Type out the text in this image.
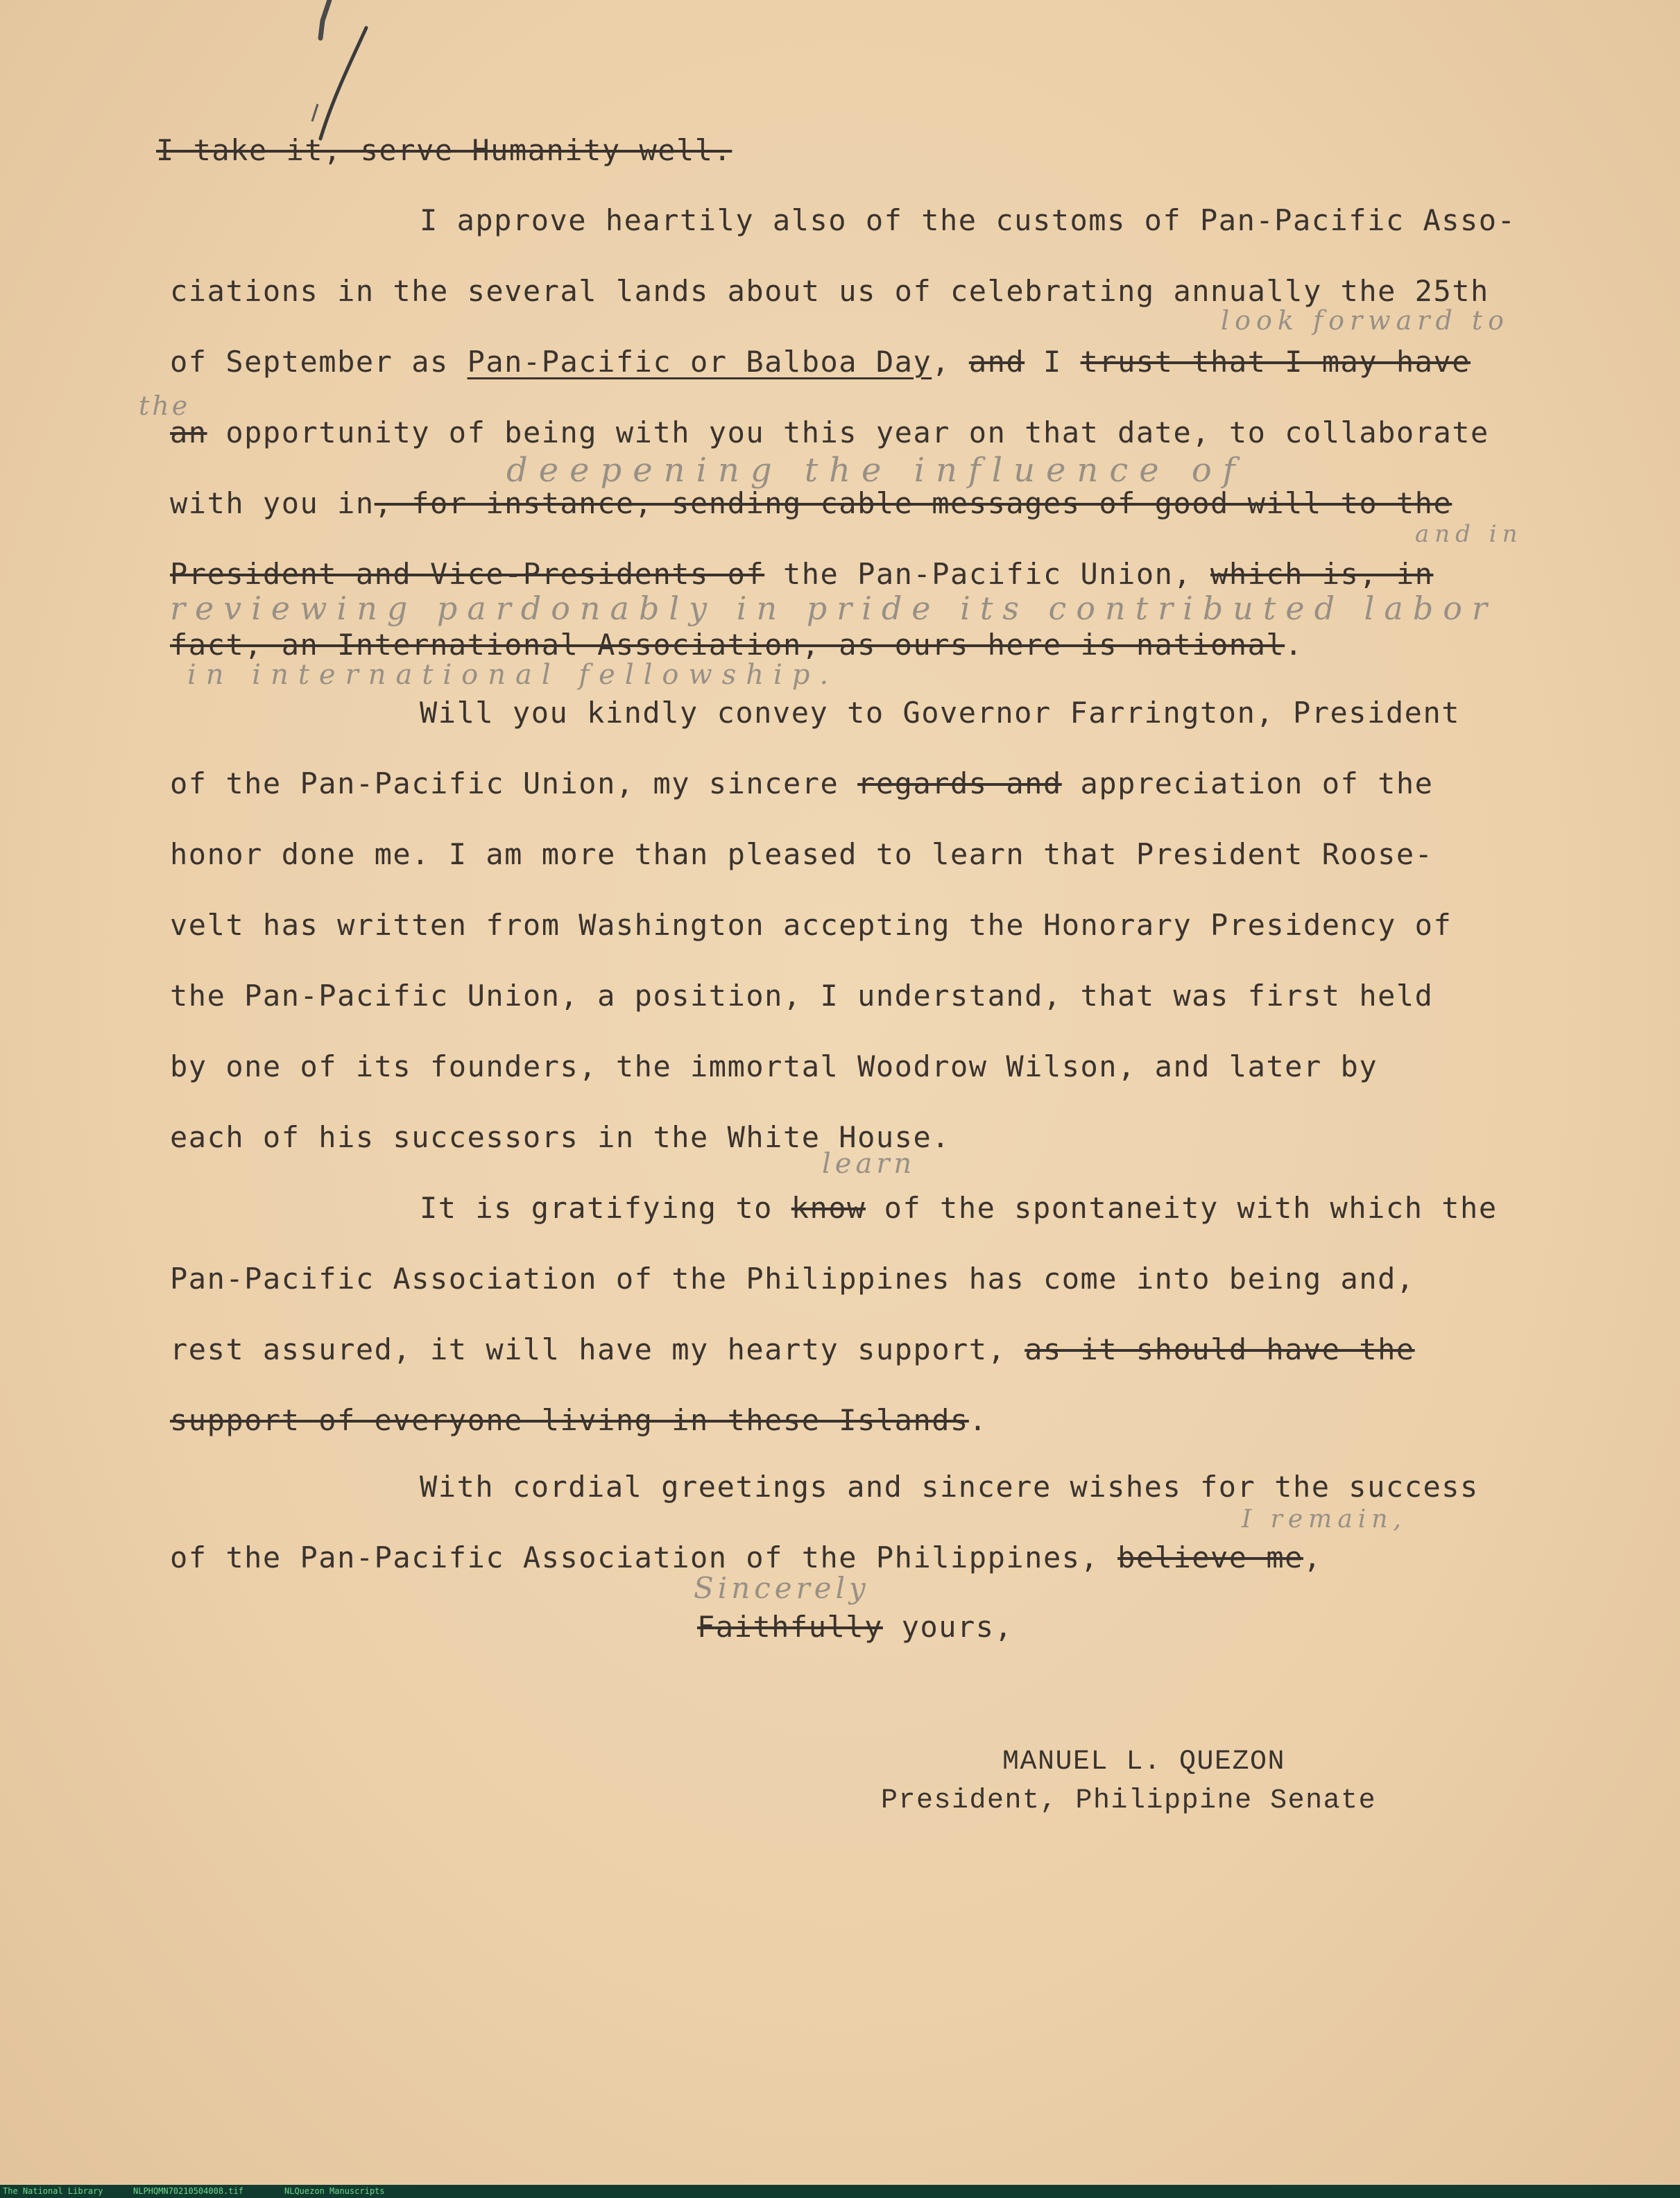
I take it, serve Humanity well.
I approve heartily also of the customs of Pan-Pacific Asso-
ciations in the several lands about us of celebrating annually the 25th
of September as Pan-Pacific or Balboa Day, and I trust that I may have
an opportunity of being with you this year on that date, to collaborate
with you in, for instance, sending cable messages of good will to the
President and Vice-Presidents of the Pan-Pacific Union, which is, in
fact, an International Association, as ours here is national.
look forward to
the
deepening the influence of
and in
reviewing pardonably in pride its contributed labor
in international fellowship.
Will you kindly convey to Governor Farrington, President
of the Pan-Pacific Union, my sincere regards and appreciation of the
honor done me. I am more than pleased to learn that President Roose-
velt has written from Washington accepting the Honorary Presidency of
the Pan-Pacific Union, a position, I understand, that was first held
by one of its founders, the immortal Woodrow Wilson, and later by
each of his successors in the White House.
learn
It is gratifying to know of the spontaneity with which the
Pan-Pacific Association of the Philippines has come into being and,
rest assured, it will have my hearty support, as it should have the
support of everyone living in these Islands.
With cordial greetings and sincere wishes for the success
I remain,
of the Pan-Pacific Association of the Philippines, believe me,
Sincerely
Faithfully yours,
MANUEL L. QUEZON
President, Philippine Senate
The National Library	NLPHQMN70210504008.tif	NLQuezon Manuscripts
